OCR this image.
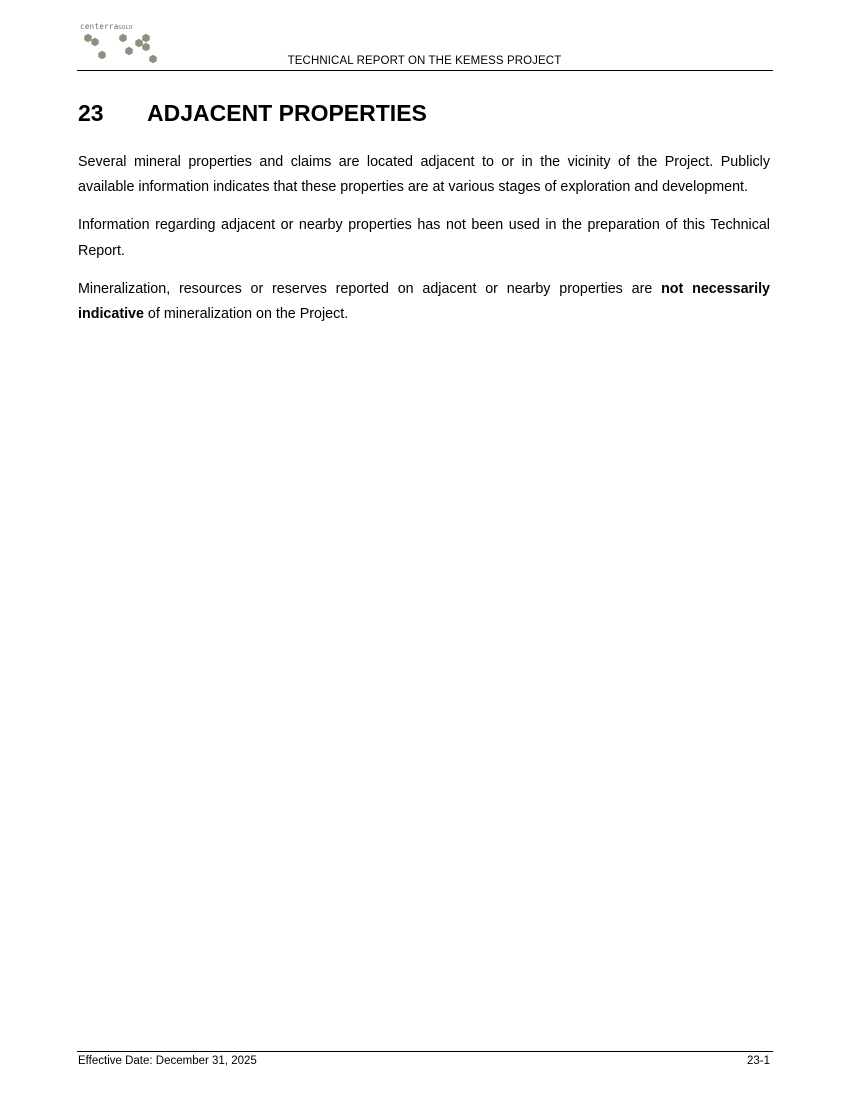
centerraGOLD
TECHNICAL REPORT ON THE KEMESS PROJECT
23 ADJACENT PROPERTIES

Several mineral properties and claims are located adjacent to or in the vicinity of the Project. Publicly available information indicates that these properties are at various stages of exploration and development.

Information regarding adjacent or nearby properties has not been used in the preparation of this Technical Report.

Mineralization, resources or reserves reported on adjacent or nearby properties are not necessarily indicative of mineralization on the Project.

Effective Date: December 31, 2025	23-1
